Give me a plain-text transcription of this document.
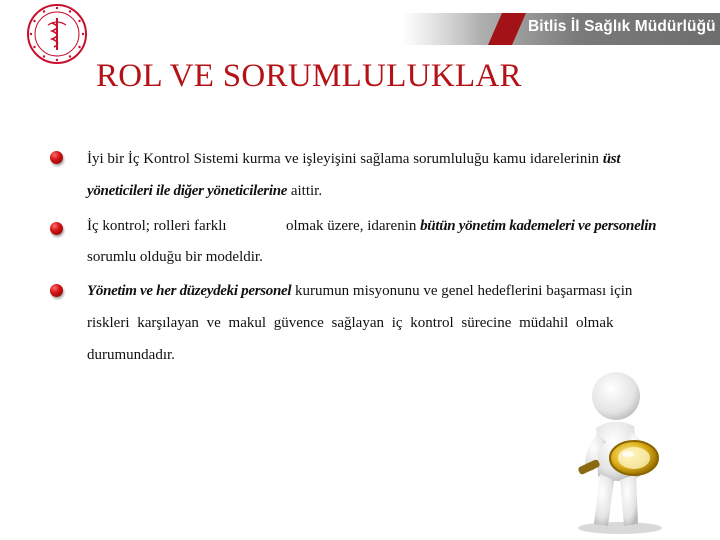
Bitlis İl Sağlık Müdürlüğü
ROL VE SORUMLULUKLAR
İyi bir İç Kontrol Sistemi kurma ve işleyişini sağlama sorumluluğu kamu idarelerinin üst
yöneticileri ile diğer yöneticilerine aittir.
İç kontrol; rolleri farklı	olmak üzere, idarenin bütün yönetim kademeleri ve personelin
sorumlu olduğu bir modeldir.
Yönetim ve her düzeydeki personel kurumun misyonunu ve genel hedeflerini başarması için
riskleri karşılayan ve makul güvence sağlayan iç kontrol sürecine müdahil olmak
durumundadır.
